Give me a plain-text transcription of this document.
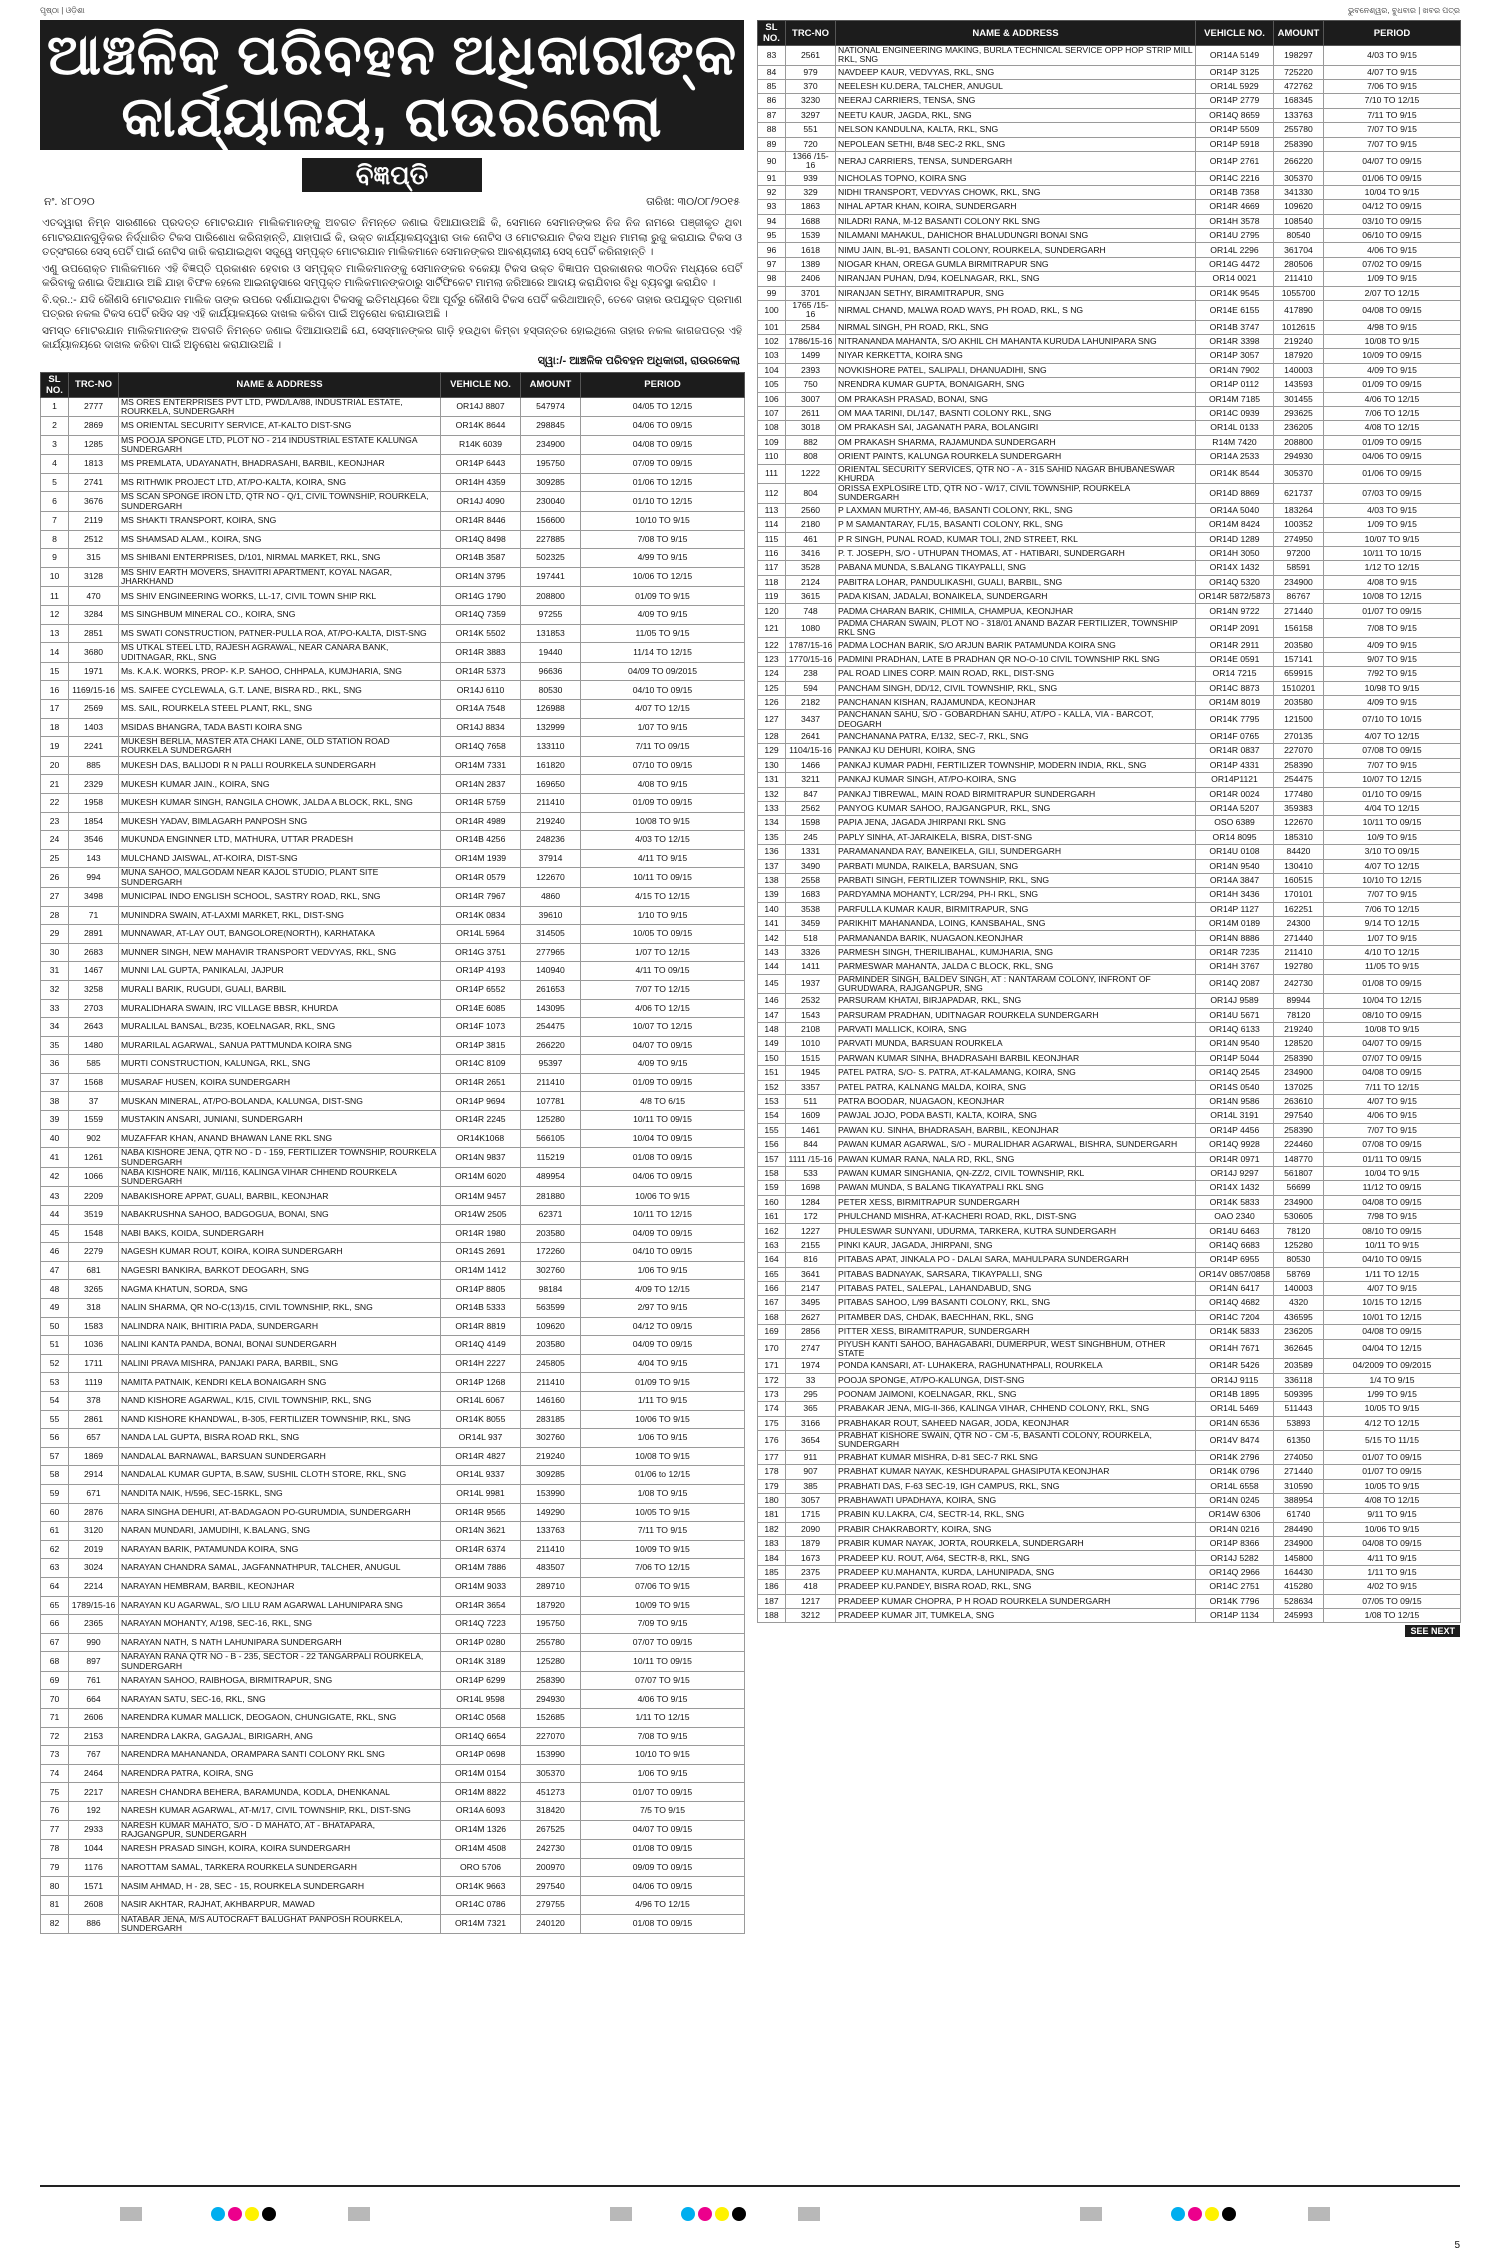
ପୃଷ୍ଠା | ଓଡ଼ିଶା	ଭୁବନେଶ୍ୱର, ବୁଧବାର | ଖବର ପତ୍ର
ଆଞ୍ଚଳିକ ପରିବହନ ଅଧିକାରୀଙ୍କ
କାର୍ଯ୍ୟାଳୟ, ରାଉରକେଲା
ବିଜ୍ଞପ୍ତି
ନଂ. ୪୮୦୨୦	ତାରିଖ: ୩୦/୦୮/୨୦୧୫

ଏତଦ୍ୱାରା ନିମ୍ନ ସାରଣୀରେ ପ୍ରଦତ୍ତ ମୋଟରଯାନ ମାଲିକମାନଙ୍କୁ ଅବଗତ ନିମନ୍ତେ ଜଣାଇ ଦିଆଯାଉଅଛି କି, ସେମାନେ ସେମାନଙ୍କର ନିଜ ନିଜ ନାମରେ ପଞ୍ଜୀକୃତ ଥିବା ମୋଟରଯାନଗୁଡ଼ିକର ନିର୍ଦ୍ଧାରିତ ଟିକସ ପାରିଶୋଧ କରିନାହାନ୍ତି, ଯାହାପାଇଁ କି, ଉକ୍ତ କାର୍ଯ୍ୟାଳୟଦ୍ୱାରା ଡାକ ନୋଟିସ ଓ ମୋଟରଯାନ ଟିକସ ଅଧିନ ମାମଲା ରୁଜୁ କରାଯାଇ ଟିକସ ଓ ତତ୍ସଂଗରେ ସେସ୍ ପେଟିଁ ପାଇଁ ନୋଟିସ ଜାରି କରାଯାଇଥିବା ସତ୍ତ୍ୱେ ସମ୍ପୃକ୍ତ ମୋଟରଯାନ ମାଲିକମାନେ ସେମାନଙ୍କର ଆବଶ୍ୟକୀୟ ସେସ୍ ପେଟିଁ କରିନାହାନ୍ତି ।

ଏଣୁ ଉପରୋକ୍ତ ମାଲିକମାନେ ଏହି ବିଜ୍ଞପ୍ତି ପ୍ରକାଶନ ହେବାର ଓ ସମ୍ପୃକ୍ତ ମାଲିକମାନଙ୍କୁ ସେମାନଙ୍କର ବକେୟା ଟିକସ ଉକ୍ତ ବିଜ୍ଞାପନ ପ୍ରକାଶନର ୩୦ଦିନ ମଧ୍ୟରେ ପେଟିଁ କରିବାକୁ ଜଣାଇ ଦିଆଯାଉ ଅଛି ଯାହା ବିଫଳ ହେଲେ ଆଇନାନୁସାରେ ସମ୍ପୃକ୍ତ ମାଲିକମାନଙ୍କଠାରୁ ସାର୍ଟିଫିକେଟ ମାମଲା ଜରିଆରେ ଆଦାୟ କରାଯିବାର ବିଧି ବ୍ୟବସ୍ଥା କରାଯିବ ।

ବି.ଦ୍ର.:- ଯଦି କୌଣସି ମୋଟରଯାନ ମାଲିକ ତାଙ୍କ ଉପରେ ଦର୍ଶାଯାଇଥିବା ଟିକସକୁ ଇତିମଧ୍ୟରେ ଦିଆ ପୂର୍ବରୁ କୌଣସି ଟିକସ ପେଟିଁ କରିଥାଆନ୍ତି, ତେବେ ତାହାର ଉପଯୁକ୍ତ ପ୍ରମାଣ ପତ୍ରର ନକଲ ଟିକସ ପେଟିଁ ରସିଦ ସହ ଏହି କାର୍ଯ୍ୟାଳୟରେ ଦାଖଲ କରିବା ପାଇଁ ଅନୁରୋଧ କରାଯାଉଅଛି ।

ସମସ୍ତ ମୋଟରଯାନ ମାଲିକମାନଙ୍କ ଅବଗତି ନିମନ୍ତେ ଜଣାଇ ଦିଆଯାଉଅଛି ଯେ, ସେସ୍ମାନଙ୍କର ଗାଡ଼ି ହଉଥିବା କିମ୍ବା ହସ୍ତାନ୍ତର ହୋଇଥିଲେ ତାହାର ନକଲ କାଗଜପତ୍ର ଏହି କାର୍ଯ୍ୟାଳୟରେ ଦାଖଲ କରିବା ପାଇଁ ଅନୁରୋଧ କରାଯାଉଅଛି ।

ସ୍ୱା:/- ଆଞ୍ଚଳିକ ପରିବହନ ଅଧିକାରୀ, ରାଉରକେଲା
SL NO.	TRC-NO	NAME & ADDRESS	VEHICLE NO.	AMOUNT	PERIOD
1	2777	MS ORES ENTERPRISES PVT LTD, PWD/LA/88, INDUSTRIAL ESTATE, ROURKELA, SUNDERGARH	OR14J 8807	547974	04/05 TO 12/15
2	2869	MS ORIENTAL SECURITY SERVICE, AT-KALTO DIST-SNG	OR14K 8644	298845	04/06 TO 09/15
3	1285	MS POOJA SPONGE LTD, PLOT NO - 214 INDUSTRIAL ESTATE KALUNGA SUNDERGARH	R14K 6039	234900	04/08 TO 09/15
4	1813	MS PREMLATA, UDAYANATH, BHADRASAHI, BARBIL, KEONJHAR	OR14P 6443	195750	07/09 TO 09/15
5	2741	MS RITHWIK PROJECT LTD, AT/PO-KALTA, KOIRA, SNG	OR14H 4359	309285	01/06 TO 12/15
6	3676	MS SCAN SPONGE IRON LTD, QTR NO - Q/1, CIVIL TOWNSHIP, ROURKELA, SUNDERGARH	OR14J 4090	230040	01/10 TO 12/15
7	2119	MS SHAKTI TRANSPORT, KOIRA, SNG	OR14R 8446	156600	10/10 TO 9/15
8	2512	MS SHAMSAD ALAM., KOIRA, SNG	OR14Q 8498	227885	7/08 TO 9/15
9	315	MS SHIBANI ENTERPRISES, D/101, NIRMAL MARKET, RKL, SNG	OR14B 3587	502325	4/99 TO 9/15
10	3128	MS SHIV EARTH MOVERS, SHAVITRI APARTMENT, KOYAL NAGAR, JHARKHAND	OR14N 3795	197441	10/06 TO 12/15
11	470	MS SHIV ENGINEERING WORKS, LL-17, CIVIL TOWN SHIP RKL	OR14G 1790	208800	01/09 TO 9/15
12	3284	MS SINGHBUM MINERAL CO., KOIRA, SNG	OR14Q 7359	97255	4/09 TO 9/15
13	2851	MS SWATI CONSTRUCTION, PATNER-PULLA ROA, AT/PO-KALTA, DIST-SNG	OR14K 5502	131853	11/05 TO 9/15
14	3680	MS UTKAL STEEL LTD, RAJESH AGRAWAL, NEAR CANARA BANK, UDITNAGAR, RKL, SNG	OR14R 3883	19440	11/14 TO 12/15
15	1971	Ms. K.A.K. WORKS, PROP- K.P. SAHOO, CHHPALA, KUMJHARIA, SNG	OR14R 5373	96636	04/09 TO 09/2015
16	1169/15-16	MS. SAIFEE CYCLEWALA, G.T. LANE, BISRA RD., RKL, SNG	OR14J 6110	80530	04/10 TO 09/15
17	2569	MS. SAIL, ROURKELA STEEL PLANT, RKL, SNG	OR14A 7548	126988	4/07 TO 12/15
18	1403	MSIDAS BHANGRA, TADA BASTI KOIRA SNG	OR14J 8834	132999	1/07 TO 9/15
19	2241	MUKESH BERLIA, MASTER ATA CHAKI LANE, OLD STATION ROAD ROURKELA SUNDERGARH	OR14Q 7658	133110	7/11 TO 09/15
20	885	MUKESH DAS, BALIJODI R N PALLI ROURKELA SUNDERGARH	OR14M 7331	161820	07/10 TO 09/15
21	2329	MUKESH KUMAR JAIN., KOIRA, SNG	OR14N 2837	169650	4/08 TO 9/15
22	1958	MUKESH KUMAR SINGH, RANGILA CHOWK, JALDA A BLOCK, RKL, SNG	OR14R 5759	211410	01/09 TO 09/15
23	1854	MUKESH YADAV, BIMLAGARH PANPOSH SNG	OR14R 4989	219240	10/08 TO 9/15
24	3546	MUKUNDA ENGINNER LTD, MATHURA, UTTAR PRADESH	OR14B 4256	248236	4/03 TO 12/15
25	143	MULCHAND JAISWAL, AT-KOIRA, DIST-SNG	OR14M 1939	37914	4/11 TO 9/15
26	994	MUNA SAHOO, MALGODAM NEAR KAJOL STUDIO, PLANT SITE SUNDERGARH	OR14R 0579	122670	10/11 TO 09/15
27	3498	MUNICIPAL INDO ENGLISH SCHOOL, SASTRY ROAD, RKL, SNG	OR14R 7967	4860	4/15 TO 12/15
28	71	MUNINDRA SWAIN, AT-LAXMI MARKET, RKL, DIST-SNG	OR14K 0834	39610	1/10 TO 9/15
29	2891	MUNNAWAR, AT-LAY OUT, BANGOLORE(NORTH), KARHATAKA	OR14L 5964	314505	10/05 TO 09/15
30	2683	MUNNER SINGH, NEW MAHAVIR TRANSPORT VEDVYAS, RKL, SNG	OR14G 3751	277965	1/07 TO 12/15
31	1467	MUNNI LAL GUPTA, PANIKALAI, JAJPUR	OR14P 4193	140940	4/11 TO 09/15
32	3258	MURALI BARIK, RUGUDI, GUALI, BARBIL	OR14P 6552	261653	7/07 TO 12/15
33	2703	MURALIDHARA SWAIN, IRC VILLAGE BBSR, KHURDA	OR14E 6085	143095	4/06 TO 12/15
34	2643	MURALILAL BANSAL, B/235, KOELNAGAR, RKL, SNG	OR14F 1073	254475	10/07 TO 12/15
35	1480	MURARILAL AGARWAL, SANUA PATTMUNDA KOIRA SNG	OR14P 3815	266220	04/07 TO 09/15
36	585	MURTI CONSTRUCTION, KALUNGA, RKL, SNG	OR14C 8109	95397	4/09 TO 9/15
37	1568	MUSARAF HUSEN, KOIRA SUNDERGARH	OR14R 2651	211410	01/09 TO 09/15
38	37	MUSKAN MINERAL, AT/PO-BOLANDA, KALUNGA, DIST-SNG	OR14P 9694	107781	4/8 TO 6/15
39	1559	MUSTAKIN ANSARI, JUNIANI, SUNDERGARH	OR14R 2245	125280	10/11 TO 09/15
40	902	MUZAFFAR KHAN, ANAND BHAWAN LANE RKL SNG	OR14K1068	566105	10/04 TO 09/15
41	1261	NABA KISHORE JENA, QTR NO - D - 159, FERTILIZER TOWNSHIP, ROURKELA SUNDERGARH	OR14N 9837	115219	01/08 TO 09/15
42	1066	NABA KISHORE NAIK, MI/116, KALINGA VIHAR CHHEND ROURKELA SUNDERGARH	OR14M 6020	489954	04/06 TO 09/15
43	2209	NABAKISHORE APPAT, GUALI, BARBIL, KEONJHAR	OR14M 9457	281880	10/06 TO 9/15
44	3519	NABAKRUSHNA SAHOO, BADGOGUA, BONAI, SNG	OR14W 2505	62371	10/11 TO 12/15
45	1548	NABI BAKS, KOIDA, SUNDERGARH	OR14R 1980	203580	04/09 TO 09/15
46	2279	NAGESH KUMAR ROUT, KOIRA, KOIRA SUNDERGARH	OR14S 2691	172260	04/10 TO 09/15
47	681	NAGESRI BANKIRA, BARKOT DEOGARH, SNG	OR14M 1412	302760	1/06 TO 9/15
48	3265	NAGMA KHATUN, SORDA, SNG	OR14P 8805	98184	4/09 TO 12/15
49	318	NALIN SHARMA, QR NO-C(13)/15, CIVIL TOWNSHIP, RKL, SNG	OR14B 5333	563599	2/97 TO 9/15
50	1583	NALINDRA NAIK, BHITIRIA PADA, SUNDERGARH	OR14R 8819	109620	04/12 TO 09/15
51	1036	NALINI KANTA PANDA, BONAI, BONAI SUNDERGARH	OR14Q 4149	203580	04/09 TO 09/15
52	1711	NALINI PRAVA MISHRA, PANJAKI PARA, BARBIL, SNG	OR14H 2227	245805	4/04 TO 9/15
53	1119	NAMITA PATNAIK, KENDRI KELA BONAIGARH SNG	OR14P 1268	211410	01/09 TO 9/15
54	378	NAND KISHORE AGARWAL, K/15, CIVIL TOWNSHIP, RKL, SNG	OR14L 6067	146160	1/11 TO 9/15
55	2861	NAND KISHORE KHANDWAL, B-305, FERTILIZER TOWNSHIP, RKL, SNG	OR14K 8055	283185	10/06 TO 9/15
56	657	NANDA LAL GUPTA, BISRA ROAD RKL, SNG	OR14L 937	302760	1/06 TO 9/15
57	1869	NANDALAL BARNAWAL, BARSUAN SUNDERGARH	OR14R 4827	219240	10/08 TO 9/15
58	2914	NANDALAL KUMAR GUPTA, B.SAW, SUSHIL CLOTH STORE, RKL, SNG	OR14L 9337	309285	01/06 to 12/15
59	671	NANDITA NAIK, H/596, SEC-15RKL, SNG	OR14L 9981	153990	1/08 TO 9/15
60	2876	NARA SINGHA DEHURI, AT-BADAGAON PO-GURUMDIA, SUNDERGARH	OR14R 9565	149290	10/05 TO 9/15
61	3120	NARAN MUNDARI, JAMUDIHI, K.BALANG, SNG	OR14N 3621	133763	7/11 TO 9/15
62	2019	NARAYAN BARIK, PATAMUNDA KOIRA, SNG	OR14R 6374	211410	10/09 TO 9/15
63	3024	NARAYAN CHANDRA SAMAL, JAGFANNATHPUR, TALCHER, ANUGUL	OR14M 7886	483507	7/06 TO 12/15
64	2214	NARAYAN HEMBRAM, BARBIL, KEONJHAR	OR14M 9033	289710	07/06 TO 9/15
65	1789/15-16	NARAYAN KU AGARWAL, S/O LILU RAM AGARWAL LAHUNIPARA SNG	OR14R 3654	187920	10/09 TO 9/15
66	2365	NARAYAN MOHANTY, A/198, SEC-16, RKL, SNG	OR14Q 7223	195750	7/09 TO 9/15
67	990	NARAYAN NATH, S NATH LAHUNIPARA SUNDERGARH	OR14P 0280	255780	07/07 TO 09/15
68	897	NARAYAN RANA QTR NO - B - 235, SECTOR - 22 TANGARPALI ROURKELA, SUNDERGARH	OR14K 3189	125280	10/11 TO 09/15
69	761	NARAYAN SAHOO, RAIBHOGA, BIRMITRAPUR, SNG	OR14P 6299	258390	07/07 TO 9/15
70	664	NARAYAN SATU, SEC-16, RKL, SNG	OR14L 9598	294930	4/06 TO 9/15
71	2606	NARENDRA KUMAR MALLICK, DEOGAON, CHUNGIGATE, RKL, SNG	OR14C 0568	152685	1/11 TO 12/15
72	2153	NARENDRA LAKRA, GAGAJAL, BIRIGARH, ANG	OR14Q 6654	227070	7/08 TO 9/15
73	767	NARENDRA MAHANANDA, ORAMPARA SANTI COLONY RKL SNG	OR14P 0698	153990	10/10 TO 9/15
74	2464	NARENDRA PATRA, KOIRA, SNG	OR14M 0154	305370	1/06 TO 9/15
75	2217	NARESH CHANDRA BEHERA, BARAMUNDA, KODLA, DHENKANAL	OR14M 8822	451273	01/07 TO 09/15
76	192	NARESH KUMAR AGARWAL, AT-M/17, CIVIL TOWNSHIP, RKL, DIST-SNG	OR14A 6093	318420	7/5 TO 9/15
77	2933	NARESH KUMAR MAHATO, S/O - D MAHATO, AT - BHATAPARA, RAJGANGPUR, SUNDERGARH	OR14M 1326	267525	04/07 TO 09/15
78	1044	NARESH PRASAD SINGH, KOIRA, KOIRA SUNDERGARH	OR14M 4508	242730	01/08 TO 09/15
79	1176	NAROTTAM SAMAL, TARKERA ROURKELA SUNDERGARH	ORO 5706	200970	09/09 TO 09/15
80	1571	NASIM AHMAD, H - 28, SEC - 15, ROURKELA SUNDERGARH	OR14K 9663	297540	04/06 TO 09/15
81	2608	NASIR AKHTAR, RAJHAT, AKHBARPUR, MAWAD	OR14C 0786	279755	4/96 TO 12/15
82	886	NATABAR JENA, M/S AUTOCRAFT BALUGHAT PANPOSH ROURKELA, SUNDERGARH	OR14M 7321	240120	01/08 TO 09/15
SL NO.	TRC-NO	NAME & ADDRESS	VEHICLE NO.	AMOUNT	PERIOD
83	2561	NATIONAL ENGINEERING MAKING, BURLA TECHNICAL SERVICE OPP HOP STRIP MILL RKL, SNG	OR14A 5149	198297	4/03 TO 9/15
84	979	NAVDEEP KAUR, VEDVYAS, RKL, SNG	OR14P 3125	725220	4/07 TO 9/15
85	370	NEELESH KU.DERA, TALCHER, ANUGUL	OR14L 5929	472762	7/06 TO 9/15
86	3230	NEERAJ CARRIERS, TENSA, SNG	OR14P 2779	168345	7/10 TO 12/15
87	3297	NEETU KAUR, JAGDA, RKL, SNG	OR14Q 8659	133763	7/11 TO 9/15
88	551	NELSON KANDULNA, KALTA, RKL, SNG	OR14P 5509	255780	7/07 TO 9/15
89	720	NEPOLEAN SETHI, B/48 SEC-2 RKL, SNG	OR14P 5918	258390	7/07 TO 9/15
90	1366 /15-16	NERAJ CARRIERS, TENSA, SUNDERGARH	OR14P 2761	266220	04/07 TO 09/15
91	939	NICHOLAS TOPNO, KOIRA SNG	OR14C 2216	305370	01/06 TO 09/15
92	329	NIDHI TRANSPORT, VEDVYAS CHOWK, RKL, SNG	OR14B 7358	341330	10/04 TO 9/15
93	1863	NIHAL APTAR KHAN, KOIRA, SUNDERGARH	OR14R 4669	109620	04/12 TO 09/15
94	1688	NILADRI RANA, M-12 BASANTI COLONY RKL SNG	OR14H 3578	108540	03/10 TO 09/15
95	1539	NILAMANI MAHAKUL, DAHICHOR BHALUDUNGRI BONAI SNG	OR14U 2795	80540	06/10 TO 09/15
96	1618	NIMU JAIN, BL-91, BASANTI COLONY, ROURKELA, SUNDERGARH	OR14L 2296	361704	4/06 TO 9/15
97	1389	NIOGAR KHAN, OREGA GUMLA BIRMITRAPUR SNG	OR14G 4472	280506	07/02 TO 09/15
98	2406	NIRANJAN PUHAN, D/94, KOELNAGAR, RKL, SNG	OR14 0021	211410	1/09 TO 9/15
99	3701	NIRANJAN SETHY, BIRAMITRAPUR, SNG	OR14K 9545	1055700	2/07 TO 12/15
100	1765 /15-16	NIRMAL CHAND, MALWA ROAD WAYS, PH ROAD, RKL, S NG	OR14E 6155	417890	04/08 TO 09/15
101	2584	NIRMAL SINGH, PH ROAD, RKL, SNG	OR14B 3747	1012615	4/98 TO 9/15
102	1786/15-16	NITRANANDA MAHANTA, S/O AKHIL CH MAHANTA KURUDA LAHUNIPARA SNG	OR14R 3398	219240	10/08 TO 9/15
103	1499	NIYAR KERKETTA, KOIRA SNG	OR14P 3057	187920	10/09 TO 09/15
104	2393	NOVKISHORE PATEL, SALIPALI, DHANUADIHI, SNG	OR14N 7902	140003	4/09 TO 9/15
105	750	NRENDRA KUMAR GUPTA, BONAIGARH, SNG	OR14P 0112	143593	01/09 TO 09/15
106	3007	OM PRAKASH PRASAD, BONAI, SNG	OR14M 7185	301455	4/06 TO 12/15
107	2611	OM MAA TARINI, DL/147, BASNTI COLONY RKL, SNG	OR14C 0939	293625	7/06 TO 12/15
108	3018	OM PRAKASH SAI, JAGANATH PARA, BOLANGIRI	OR14L 0133	236205	4/08 TO 12/15
109	882	OM PRAKASH SHARMA, RAJAMUNDA SUNDERGARH	R14M 7420	208800	01/09 TO 09/15
110	808	ORIENT PAINTS, KALUNGA ROURKELA SUNDERGARH	OR14A 2533	294930	04/06 TO 09/15
111	1222	ORIENTAL SECURITY SERVICES, QTR NO - A - 315 SAHID NAGAR BHUBANESWAR KHURDA	OR14K 8544	305370	01/06 TO 09/15
112	804	ORISSA EXPLOSIRE LTD, QTR NO - W/17, CIVIL TOWNSHIP, ROURKELA SUNDERGARH	OR14D 8869	621737	07/03 TO 09/15
113	2560	P LAXMAN MURTHY, AM-46, BASANTI COLONY, RKL, SNG	OR14A 5040	183264	4/03 TO 9/15
114	2180	P M SAMANTARAY, FL/15, BASANTI COLONY, RKL, SNG	OR14M 8424	100352	1/09 TO 9/15
115	461	P R SINGH, PUNAL ROAD, KUMAR TOLI, 2ND STREET, RKL	OR14D 1289	274950	10/07 TO 9/15
116	3416	P. T. JOSEPH, S/O - UTHUPAN THOMAS, AT - HATIBARI, SUNDERGARH	OR14H 3050	97200	10/11 TO 10/15
117	3528	PABANA MUNDA, S.BALANG TIKAYPALLI, SNG	OR14X 1432	58591	1/12 TO 12/15
118	2124	PABITRA LOHAR, PANDULIKASHI, GUALI, BARBIL, SNG	OR14Q 5320	234900	4/08 TO 9/15
119	3615	PADA KISAN, JADALAI, BONAIKELA, SUNDERGARH	OR14R 5872/5873	86767	10/08 TO 12/15
120	748	PADMA CHARAN BARIK, CHIMILA, CHAMPUA, KEONJHAR	OR14N 9722	271440	01/07 TO 09/15
121	1080	PADMA CHARAN SWAIN, PLOT NO - 318/01 ANAND BAZAR FERTILIZER, TOWNSHIP RKL SNG	OR14P 2091	156158	7/08 TO 9/15
122	1787/15-16	PADMA LOCHAN BARIK, S/O ARJUN BARIK PATAMUNDA KOIRA SNG	OR14R 2911	203580	4/09 TO 9/15
123	1770/15-16	PADMINI PRADHAN, LATE B PRADHAN QR NO-O-10 CIVIL TOWNSHIP RKL SNG	OR14E 0591	157141	9/07 TO 9/15
124	238	PAL ROAD LINES CORP. MAIN ROAD, RKL, DIST-SNG	OR14 7215	659915	7/92 TO 9/15
125	594	PANCHAM SINGH, DD/12, CIVIL TOWNSHIP, RKL, SNG	OR14C 8873	1510201	10/98 TO 9/15
126	2182	PANCHANAN KISHAN, RAJAMUNDA, KEONJHAR	OR14M 8019	203580	4/09 TO 9/15
127	3437	PANCHANAN SAHU, S/O - GOBARDHAN SAHU, AT/PO - KALLA, VIA - BARCOT, DEOGARH	OR14K 7795	121500	07/10 TO 10/15
128	2641	PANCHANANA PATRA, E/132, SEC-7, RKL, SNG	OR14F 0765	270135	4/07 TO 12/15
129	1104/15-16	PANKAJ KU DEHURI, KOIRA, SNG	OR14R 0837	227070	07/08 TO 09/15
130	1466	PANKAJ KUMAR PADHI, FERTILIZER TOWNSHIP, MODERN INDIA, RKL, SNG	OR14P 4331	258390	7/07 TO 9/15
131	3211	PANKAJ KUMAR SINGH, AT/PO-KOIRA, SNG	OR14P1121	254475	10/07 TO 12/15
132	847	PANKAJ TIBREWAL, MAIN ROAD BIRMITRAPUR SUNDERGARH	OR14R 0024	177480	01/10 TO 09/15
133	2562	PANYOG KUMAR SAHOO, RAJGANGPUR, RKL, SNG	OR14A 5207	359383	4/04 TO 12/15
134	1598	PAPIA JENA, JAGADA JHIRPANI RKL SNG	OSO 6389	122670	10/11 TO 09/15
135	245	PAPLY SINHA, AT-JARAIKELA, BISRA, DIST-SNG	OR14 8095	185310	10/9 TO 9/15
136	1331	PARAMANANDA RAY, BANEIKELA, GILI, SUNDERGARH	OR14U 0108	84420	3/10 TO 09/15
137	3490	PARBATI MUNDA, RAIKELA, BARSUAN, SNG	OR14N 9540	130410	4/07 TO 12/15
138	2558	PARBATI SINGH, FERTILIZER TOWNSHIP, RKL, SNG	OR14A 3847	160515	10/10 TO 12/15
139	1683	PARDYAMNA MOHANTY, LCR/294, PH-I RKL, SNG	OR14H 3436	170101	7/07 TO 9/15
140	3538	PARFULLA KUMAR KAUR, BIRMITRAPUR, SNG	OR14P 1127	162251	7/06 TO 12/15
141	3459	PARIKHIT MAHANANDA, LOING, KANSBAHAL, SNG	OR14M 0189	24300	9/14 TO 12/15
142	518	PARMANANDA BARIK, NUAGAON.KEONJHAR	OR14N 8886	271440	1/07 TO 9/15
143	3326	PARMESH SINGH, THERILIBAHAL, KUMJHARIA, SNG	OR14R 7235	211410	4/10 TO 12/15
144	1411	PARMESWAR MAHANTA, JALDA C BLOCK, RKL, SNG	OR14H 3767	192780	11/05 TO 9/15
145	1937	PARMINDER SINGH, BALDEV SINGH, AT : NANTARAM COLONY, INFRONT OF GURUDWARA, RAJGANGPUR, SNG	OR14Q 2087	242730	01/08 TO 09/15
146	2532	PARSURAM KHATAI, BIRJAPADAR, RKL, SNG	OR14J 9589	89944	10/04 TO 12/15
147	1543	PARSURAM PRADHAN, UDITNAGAR ROURKELA SUNDERGARH	OR14U 5671	78120	08/10 TO 09/15
148	2108	PARVATI MALLICK, KOIRA, SNG	OR14Q 6133	219240	10/08 TO 9/15
149	1010	PARVATI MUNDA, BARSUAN ROURKELA	OR14N 9540	128520	04/07 TO 09/15
150	1515	PARWAN KUMAR SINHA, BHADRASAHI BARBIL KEONJHAR	OR14P 5044	258390	07/07 TO 09/15
151	1945	PATEL PATRA, S/O- S. PATRA, AT-KALAMANG, KOIRA, SNG	OR14Q 2545	234900	04/08 TO 09/15
152	3357	PATEL PATRA, KALNANG MALDA, KOIRA, SNG	OR14S 0540	137025	7/11 TO 12/15
153	511	PATRA BOODAR, NUAGAON, KEONJHAR	OR14N 9586	263610	4/07 TO 9/15
154	1609	PAWJAL JOJO, PODA BASTI, KALTA, KOIRA, SNG	OR14L 3191	297540	4/06 TO 9/15
155	1461	PAWAN KU. SINHA, BHADRASAH, BARBIL, KEONJHAR	OR14P 4456	258390	7/07 TO 9/15
156	844	PAWAN KUMAR AGARWAL, S/O - MURALIDHAR AGARWAL, BISHRA, SUNDERGARH	OR14Q 9928	224460	07/08 TO 09/15
157	1111 /15-16	PAWAN KUMAR RANA, NALA RD, RKL, SNG	OR14R 0971	148770	01/11 TO 09/15
158	533	PAWAN KUMAR SINGHANIA, QN-ZZ/2, CIVIL TOWNSHIP, RKL	OR14J 9297	561807	10/04 TO 9/15
159	1698	PAWAN MUNDA, S BALANG TIKAYATPALI RKL SNG	OR14X 1432	56699	11/12 TO 09/15
160	1284	PETER XESS, BIRMITRAPUR SUNDERGARH	OR14K 5833	234900	04/08 TO 09/15
161	172	PHULCHAND MISHRA, AT-KACHERI ROAD, RKL, DIST-SNG	OAO 2340	530605	7/98 TO 9/15
162	1227	PHULESWAR SUNYANI, UDURMA, TARKERA, KUTRA SUNDERGARH	OR14U 6463	78120	08/10 TO 09/15
163	2155	PINKI KAUR, JAGADA, JHIRPANI, SNG	OR14Q 6683	125280	10/11 TO 9/15
164	816	PITABAS APAT, JINKALA PO - DALAI SARA, MAHULPARA SUNDERGARH	OR14P 6955	80530	04/10 TO 09/15
165	3641	PITABAS BADNAYAK, SARSARA, TIKAYPALLI, SNG	OR14V 0857/0858	58769	1/11 TO 12/15
166	2147	PITABAS PATEL, SALEPAL, LAHANDABUD, SNG	OR14N 6417	140003	4/07 TO 9/15
167	3495	PITABAS SAHOO, L/99 BASANTI COLONY, RKL, SNG	OR14Q 4682	4320	10/15 TO 12/15
168	2627	PITAMBER DAS, CHDAK, BAECHHAN, RKL, SNG	OR14C 7204	436595	10/01 TO 12/15
169	2856	PITTER XESS, BIRAMITRAPUR, SUNDERGARH	OR14K 5833	236205	04/08 TO 09/15
170	2747	PIYUSH KANTI SAHOO, BAHAGABARI, DUMERPUR, WEST SINGHBHUM, OTHER STATE	OR14H 7671	362645	04/04 TO 12/15
171	1974	PONDA KANSARI, AT- LUHAKERA, RAGHUNATHPALI, ROURKELA	OR14R 5426	203589	04/2009 TO 09/2015
172	33	POOJA SPONGE, AT/PO-KALUNGA, DIST-SNG	OR14J 9115	336118	1/4 TO 9/15
173	295	POONAM JAIMONI, KOELNAGAR, RKL, SNG	OR14B 1895	509395	1/99 TO 9/15
174	365	PRABAKAR JENA, MIG-II-366, KALINGA VIHAR, CHHEND COLONY, RKL, SNG	OR14L 5469	511443	10/05 TO 9/15
175	3166	PRABHAKAR ROUT, SAHEED NAGAR, JODA, KEONJHAR	OR14N 6536	53893	4/12 TO 12/15
176	3654	PRABHAT KISHORE SWAIN, QTR NO - CM -5, BASANTI COLONY, ROURKELA, SUNDERGARH	OR14V 8474	61350	5/15 TO 11/15
177	911	PRABHAT KUMAR MISHRA, D-81 SEC-7 RKL SNG	OR14K 2796	274050	01/07 TO 09/15
178	907	PRABHAT KUMAR NAYAK, KESHDURAPAL GHASIPUTA KEONJHAR	OR14K 0796	271440	01/07 TO 09/15
179	385	PRABHATI DAS, F-63 SEC-19, IGH CAMPUS, RKL, SNG	OR14L 6558	310590	10/05 TO 9/15
180	3057	PRABHAWATI UPADHAYA, KOIRA, SNG	OR14N 0245	388954	4/08 TO 12/15
181	1715	PRABIN KU.LAKRA, C/4, SECTR-14, RKL, SNG	OR14W 6306	61740	9/11 TO 9/15
182	2090	PRABIR CHAKRABORTY, KOIRA, SNG	OR14N 0216	284490	10/06 TO 9/15
183	1879	PRABIR KUMAR NAYAK, JORTA, ROURKELA, SUNDERGARH	OR14P 8366	234900	04/08 TO 09/15
184	1673	PRADEEP KU. ROUT, A/64, SECTR-8, RKL, SNG	OR14J 5282	145800	4/11 TO 9/15
185	2375	PRADEEP KU.MAHANTA, KURDA, LAHUNIPADA, SNG	OR14Q 2966	164430	1/11 TO 9/15
186	418	PRADEEP KU.PANDEY, BISRA ROAD, RKL, SNG	OR14C 2751	415280	4/02 TO 9/15
187	1217	PRADEEP KUMAR CHOPRA, P H ROAD ROURKELA SUNDERGARH	OR14K 7796	528634	07/05 TO 09/15
188	3212	PRADEEP KUMAR JIT, TUMKELA, SNG	OR14P 1134	245993	1/08 TO 12/15
SEE NEXT

5
